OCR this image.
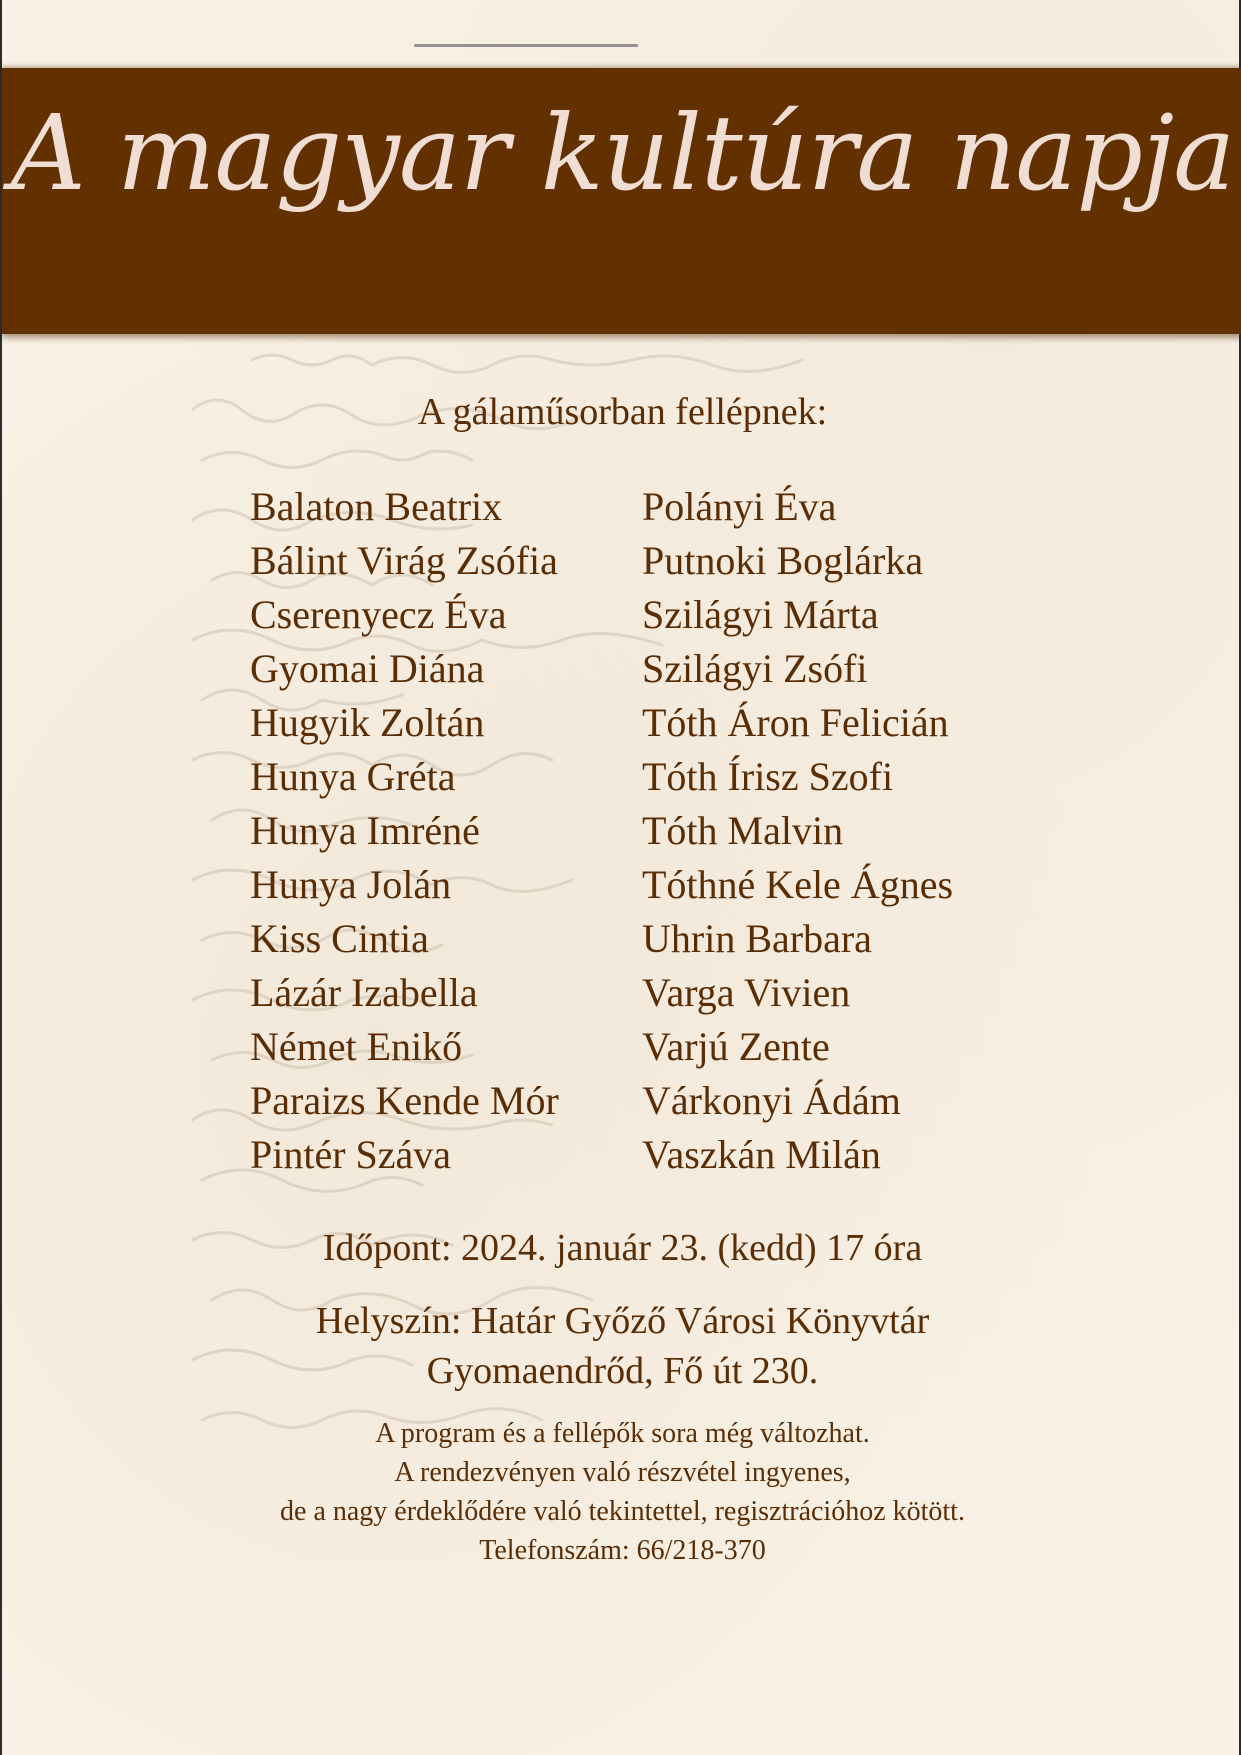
A magyar kultúra napja
A gálaműsorban fellépnek:
Balaton Beatrix
Bálint Virág Zsófia
Cserenyecz Éva
Gyomai Diána
Hugyik Zoltán
Hunya Gréta
Hunya Imréné
Hunya Jolán
Kiss Cintia
Lázár Izabella
Német Enikő
Paraizs Kende Mór
Pintér Száva
Polányi Éva
Putnoki Boglárka
Szilágyi Márta
Szilágyi Zsófi
Tóth Áron Felicián
Tóth Írisz Szofi
Tóth Malvin
Tóthné Kele Ágnes
Uhrin Barbara
Varga Vivien
Varjú Zente
Várkonyi Ádám
Vaszkán Milán
Időpont: 2024. január 23. (kedd) 17 óra
Helyszín: Határ Győző Városi Könyvtár
Gyomaendrőd, Fő út 230.
A program és a fellépők sora még változhat.
A rendezvényen való részvétel ingyenes,
de a nagy érdeklődére való tekintettel, regisztrációhoz kötött.
Telefonszám: 66/218-370
